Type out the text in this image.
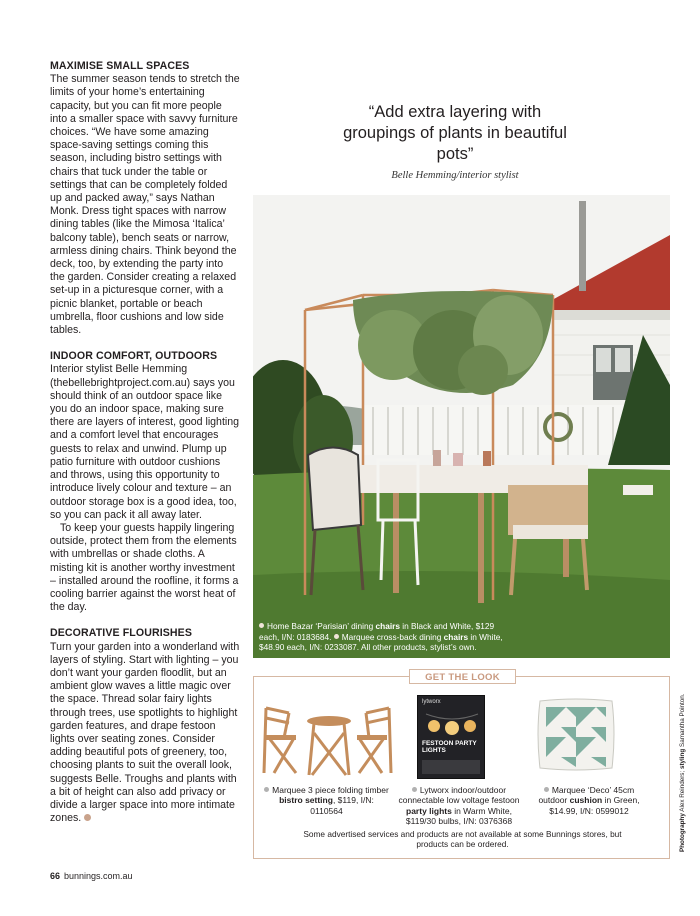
MAXIMISE SMALL SPACES

The summer season tends to stretch the limits of your home’s entertaining capacity, but you can fit more people into a smaller space with savvy furniture choices. “We have some amazing space-saving settings coming this season, including bistro settings with chairs that tuck under the table or settings that can be completely folded up and packed away,” says Nathan Monk. Dress tight spaces with narrow dining tables (like the Mimosa ‘Italica’ balcony table), bench seats or narrow, armless dining chairs. Think beyond the deck, too, by extending the party into the garden. Consider creating a relaxed set-up in a picturesque corner, with a picnic blanket, portable or beach umbrella, floor cushions and low side tables.

INDOOR COMFORT, OUTDOORS

Interior stylist Belle Hemming (thebellebrightproject.com.au) says you should think of an outdoor space like you do an indoor space, making sure there are layers of interest, good lighting and a comfort level that encourages guests to relax and unwind. Plump up patio furniture with outdoor cushions and throws, using this opportunity to introduce lively colour and texture – an outdoor storage box is a good idea, too, so you can pack it all away later.

To keep your guests happily lingering outside, protect them from the elements with umbrellas or shade cloths. A misting kit is another worthy investment – installed around the roofline, it forms a cooling barrier against the worst heat of the day.

DECORATIVE FLOURISHES

Turn your garden into a wonderland with layers of styling. Start with lighting – you don’t want your garden floodlit, but an ambient glow waves a little magic over the space. Thread solar fairy lights through trees, use spotlights to highlight garden features, and drape festoon lights over seating zones. Consider adding beautiful pots of greenery, too, choosing plants to suit the overall look, suggests Belle. Troughs and plants with a bit of height can also add privacy or divide a larger space into more intimate zones.

“Add extra layering with groupings of plants in beautiful pots”
Belle Hemming/interior stylist
Home Bazar ‘Parisian’ dining chairs in Black and White, $129 each, I/N: 0183684. Marquee cross-back dining chairs in White, $48.90 each, I/N: 0233087. All other products, stylist’s own.
GET THE LOOK
lytworx
FESTOON PARTY LIGHTS
Marquee 3 piece folding timber bistro setting, $119, I/N: 0110564
Lytworx indoor/outdoor connectable low voltage festoon party lights in Warm White, $119/30 bulbs, I/N: 0376368
Marquee ‘Deco’ 45cm outdoor cushion in Green, $14.99, I/N: 0599012
Some advertised services and products are not available at some Bunnings stores, but products can be ordered.
66 bunnings.com.au
Photography Alex Reinders; styling Samantha Pointon.
